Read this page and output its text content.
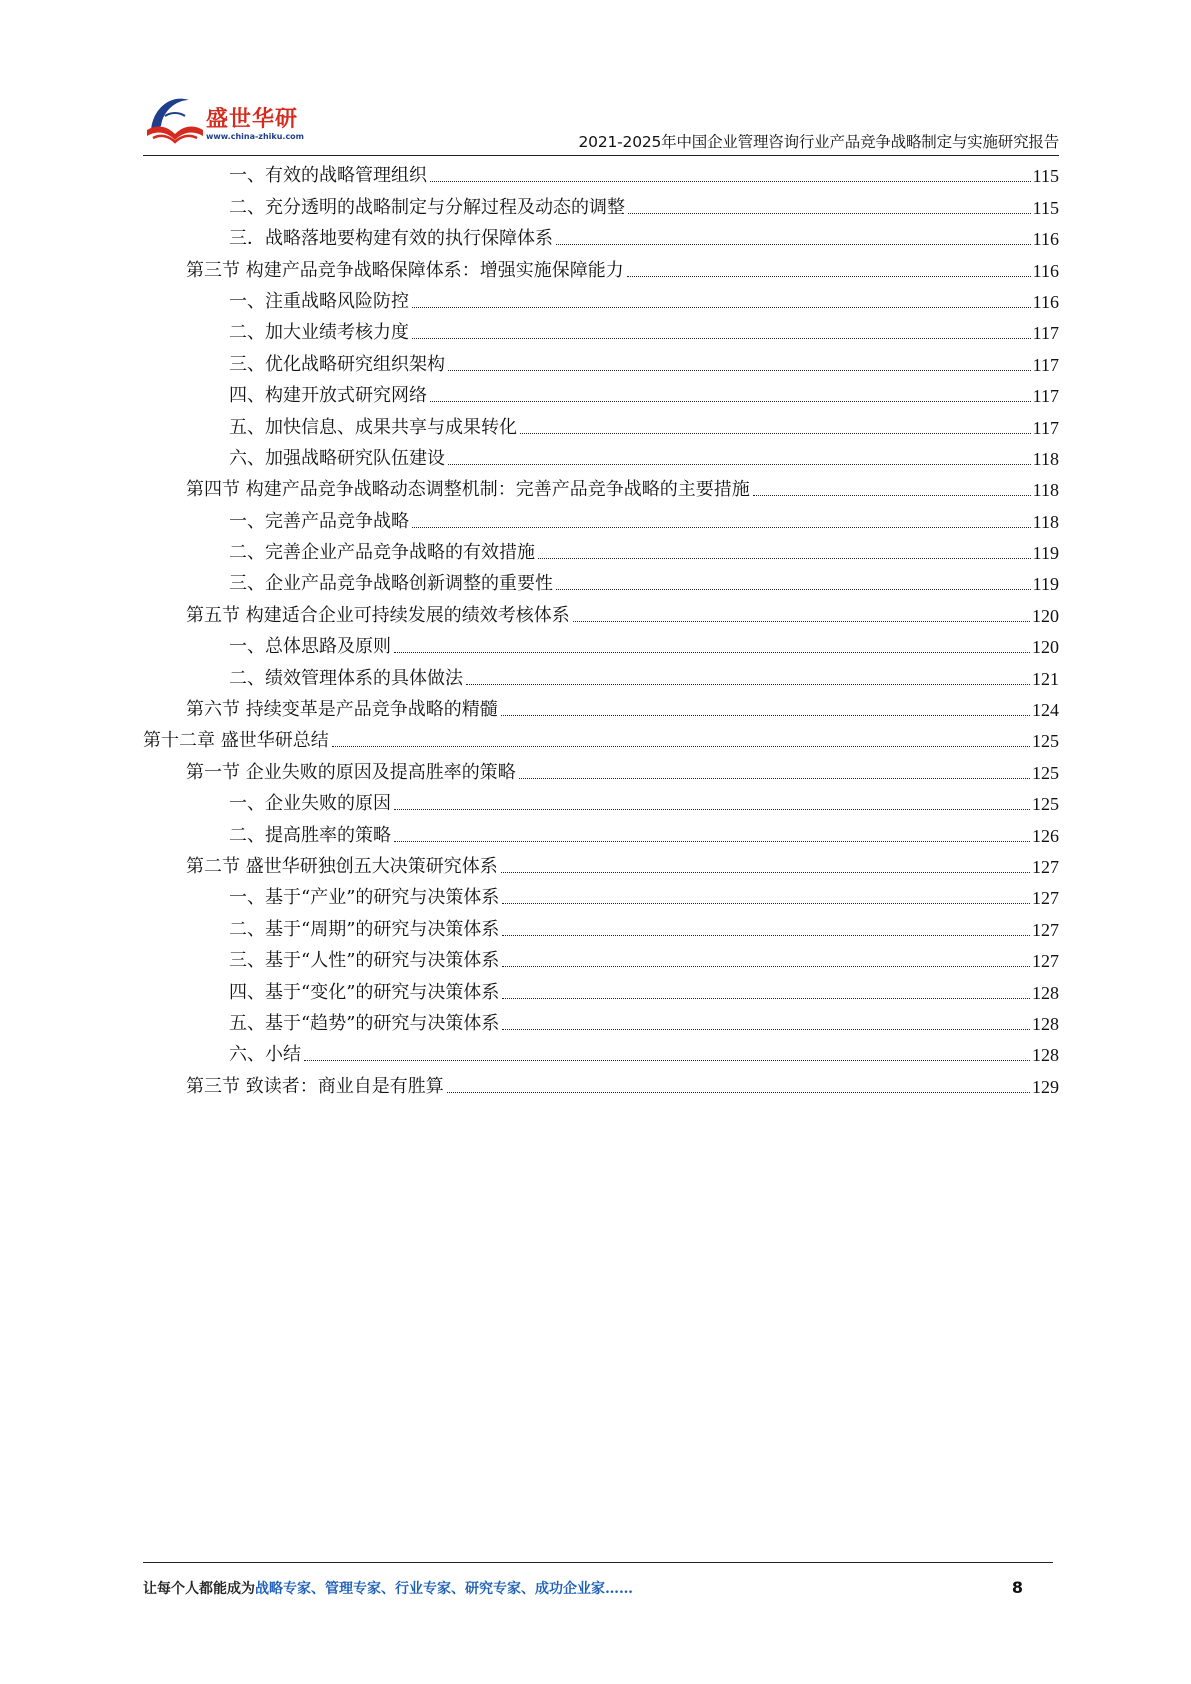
盛世华研
www.china-zhiku.com	2021-2025年中国企业管理咨询行业产品竞争战略制定与实施研究报告
一、有效的战略管理组织	115
二、充分透明的战略制定与分解过程及动态的调整	115
三．战略落地要构建有效的执行保障体系	116
第三节 构建产品竞争战略保障体系：增强实施保障能力	116
一、注重战略风险防控	116
二、加大业绩考核力度	117
三、优化战略研究组织架构	117
四、构建开放式研究网络	117
五、加快信息、成果共享与成果转化	117
六、加强战略研究队伍建设	118
第四节 构建产品竞争战略动态调整机制：完善产品竞争战略的主要措施	118
一、完善产品竞争战略	118
二、完善企业产品竞争战略的有效措施	119
三、企业产品竞争战略创新调整的重要性	119
第五节 构建适合企业可持续发展的绩效考核体系	120
一、总体思路及原则	120
二、绩效管理体系的具体做法	121
第六节 持续变革是产品竞争战略的精髓	124
第十二章 盛世华研总结	125
第一节 企业失败的原因及提高胜率的策略	125
一、企业失败的原因	125
二、提高胜率的策略	126
第二节 盛世华研独创五大决策研究体系	127
一、基于“产业”的研究与决策体系	127
二、基于“周期”的研究与决策体系	127
三、基于“人性”的研究与决策体系	127
四、基于“变化”的研究与决策体系	128
五、基于“趋势”的研究与决策体系	128
六、小结	128
第三节 致读者：商业自是有胜算	129
让每个人都能成为战略专家、管理专家、行业专家、研究专家、成功企业家……	8
